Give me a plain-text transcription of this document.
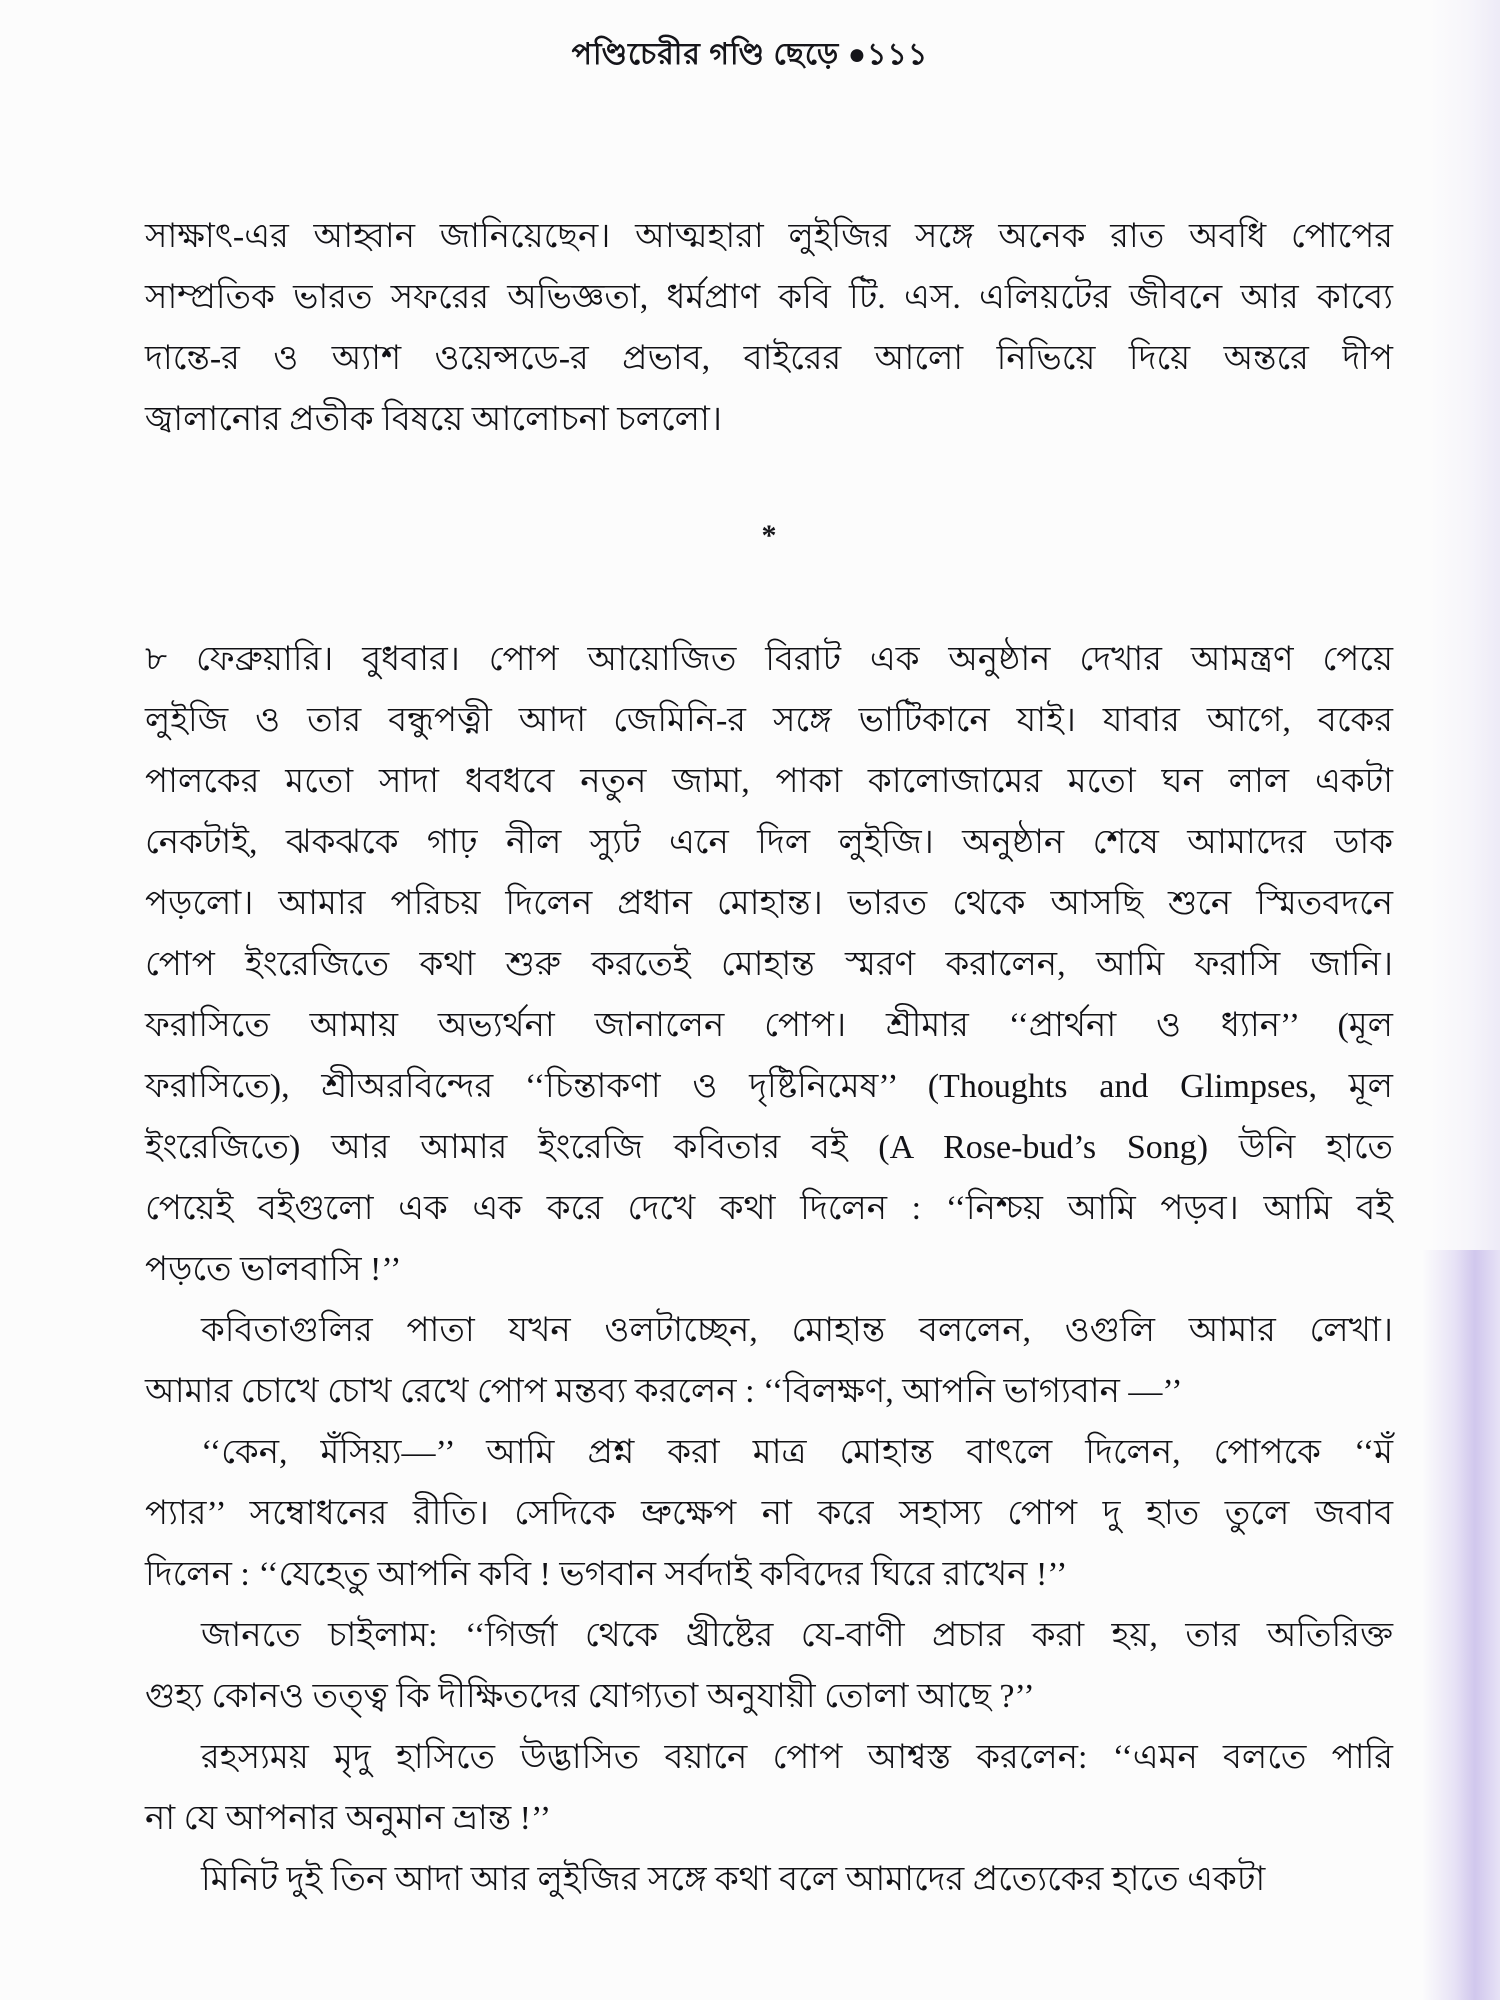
পণ্ডিচেরীর গণ্ডি ছেড়ে ●১১১
সাক্ষাৎ-এর আহ্বান জানিয়েছেন। আত্মহারা লুইজির সঙ্গে অনেক রাত অবধি পোপের
সাম্প্রতিক ভারত সফরের অভিজ্ঞতা, ধর্মপ্রাণ কবি টি. এস. এলিয়টের জীবনে আর কাব্যে
দান্তে-র ও অ্যাশ ওয়েন্সডে-র প্রভাব, বাইরের আলো নিভিয়ে দিয়ে অন্তরে দীপ
জ্বালানোর প্রতীক বিষয়ে আলোচনা চললো।
*
৮ ফেব্রুয়ারি। বুধবার। পোপ আয়োজিত বিরাট এক অনুষ্ঠান দেখার আমন্ত্রণ পেয়ে
লুইজি ও তার বন্ধুপত্নী আদা জেমিনি-র সঙ্গে ভাটিকানে যাই। যাবার আগে, বকের
পালকের মতো সাদা ধবধবে নতুন জামা, পাকা কালোজামের মতো ঘন লাল একটা
নেকটাই, ঝকঝকে গাঢ় নীল স্যুট এনে দিল লুইজি। অনুষ্ঠান শেষে আমাদের ডাক
পড়লো। আমার পরিচয় দিলেন প্রধান মোহান্ত। ভারত থেকে আসছি শুনে স্মিতবদনে
পোপ ইংরেজিতে কথা শুরু করতেই মোহান্ত স্মরণ করালেন, আমি ফরাসি জানি।
ফরাসিতে আমায় অভ্যর্থনা জানালেন পোপ। শ্রীমার ‘‘প্রার্থনা ও ধ্যান’’ (মূল
ফরাসিতে), শ্রীঅরবিন্দের ‘‘চিন্তাকণা ও দৃষ্টিনিমেষ’’ (Thoughts and Glimpses, মূল
ইংরেজিতে) আর আমার ইংরেজি কবিতার বই (A Rose-bud’s Song) উনি হাতে
পেয়েই বইগুলো এক এক করে দেখে কথা দিলেন : ‘‘নিশ্চয় আমি পড়ব। আমি বই
পড়তে ভালবাসি !’’
কবিতাগুলির পাতা যখন ওলটাচ্ছেন, মোহান্ত বললেন, ওগুলি আমার লেখা।
আমার চোখে চোখ রেখে পোপ মন্তব্য করলেন : ‘‘বিলক্ষণ, আপনি ভাগ্যবান —’’
‘‘কেন, মঁসিয়্য—’’ আমি প্রশ্ন করা মাত্র মোহান্ত বাৎলে দিলেন, পোপকে ‘‘মঁ
প্যার’’ সম্বোধনের রীতি। সেদিকে ভ্রুক্ষেপ না করে সহাস্য পোপ দু হাত তুলে জবাব
দিলেন : ‘‘যেহেতু আপনি কবি ! ভগবান সর্বদাই কবিদের ঘিরে রাখেন !’’
জানতে চাইলাম: ‘‘গির্জা থেকে খ্রীষ্টের যে-বাণী প্রচার করা হয়, তার অতিরিক্ত
গুহ্য কোনও তত্ত্ব কি দীক্ষিতদের যোগ্যতা অনুযায়ী তোলা আছে ?’’
রহস্যময় মৃদু হাসিতে উদ্ভাসিত বয়ানে পোপ আশ্বস্ত করলেন: ‘‘এমন বলতে পারি
না যে আপনার অনুমান ভ্রান্ত !’’
মিনিট দুই তিন আদা আর লুইজির সঙ্গে কথা বলে আমাদের প্রত্যেকের হাতে একটা
